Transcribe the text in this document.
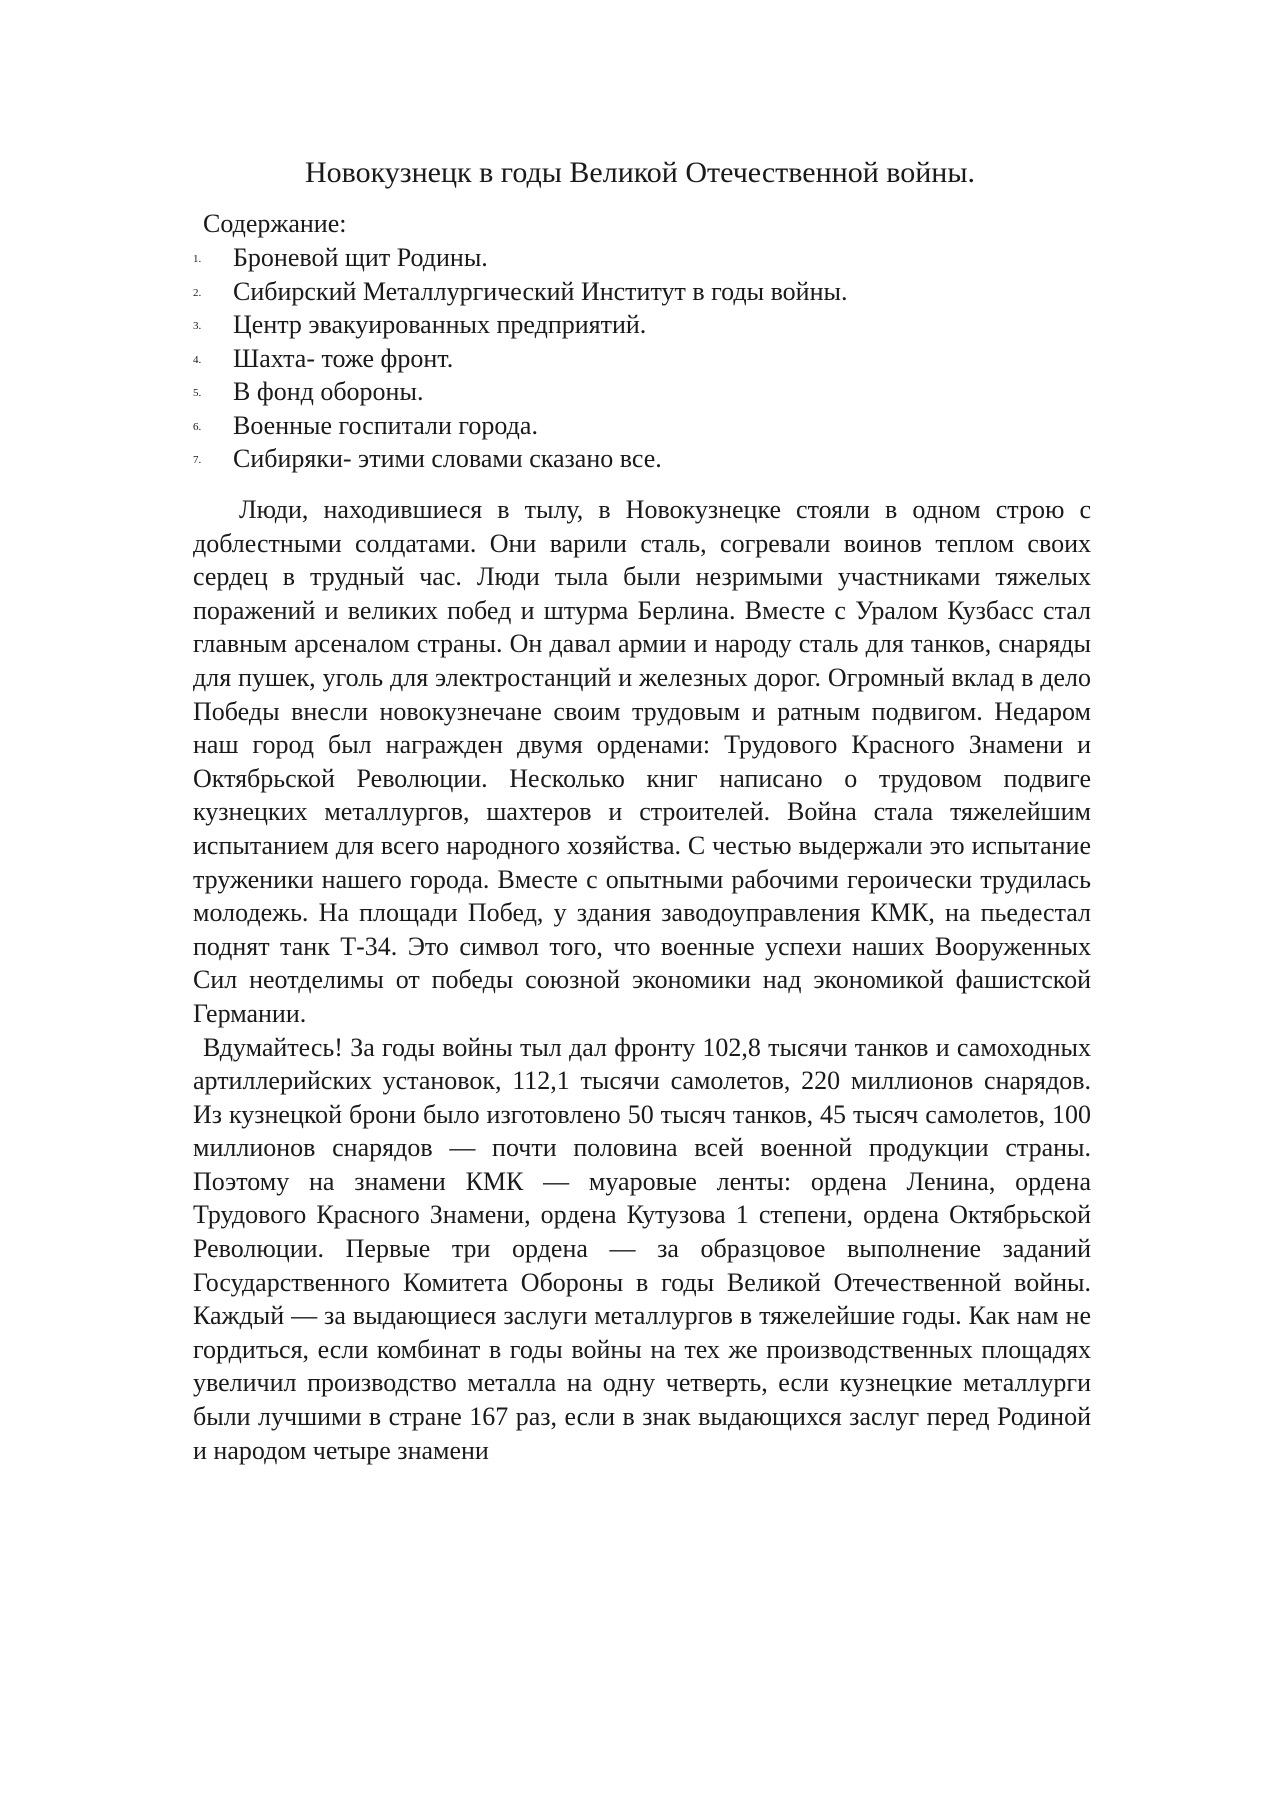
Новокузнецк в годы Великой Отечественной войны.

Содержание:

1. Броневой щит Родины.
2. Сибирский Металлургический Институт в годы войны.
3. Центр эвакуированных предприятий.
4. Шахта- тоже фронт.
5. В фонд обороны.
6. Военные госпитали города.
7. Сибиряки- этими словами сказано все.

Люди, находившиеся в тылу, в Новокузнецке стояли в одном строю с доблестными солдатами. Они варили сталь, согревали воинов теплом своих сердец в трудный час. Люди тыла были незримыми участниками тяжелых поражений и великих побед и штурма Берлина. Вместе с Уралом Кузбасс стал главным арсеналом страны. Он давал армии и народу сталь для танков, снаряды для пушек, уголь для электростанций и железных дорог. Огромный вклад в дело Победы внесли новокузнечане своим трудовым и ратным подвигом. Недаром наш город был награжден двумя орденами: Трудового Красного Знамени и Октябрьской Революции. Несколько книг написано о трудовом подвиге кузнецких металлургов, шахтеров и строителей. Война стала тяжелейшим испытанием для всего народного хозяйства. С честью выдержали это испытание труженики нашего города. Вместе с опытными рабочими героически трудилась молодежь. На площади Побед, у здания заводоуправления КМК, на пьедестал поднят танк Т-34. Это символ того, что военные успехи наших Вооруженных Сил неотделимы от победы союзной экономики над экономикой фашистской Германии.

Вдумайтесь! За годы войны тыл дал фронту 102,8 тысячи танков и самоходных артиллерийских установок, 112,1 тысячи самолетов, 220 миллионов снарядов. Из кузнецкой брони было изготовлено 50 тысяч танков, 45 тысяч самолетов, 100 миллионов снарядов — почти половина всей военной продукции страны. Поэтому на знамени КМК — муаровые ленты: ордена Ленина, ордена Трудового Красного Знамени, ордена Кутузова 1 степени, ордена Октябрьской Революции. Первые три ордена — за образцовое выполнение заданий Государственного Комитета Обороны в годы Великой Отечественной войны. Каждый — за выдающиеся заслуги металлургов в тяжелейшие годы. Как нам не гордиться, если комбинат в годы войны на тех же производственных площадях увеличил производство металла на одну четверть, если кузнецкие металлурги были лучшими в стране 167 раз, если в знак выдающихся заслуг перед Родиной и народом четыре знамени
